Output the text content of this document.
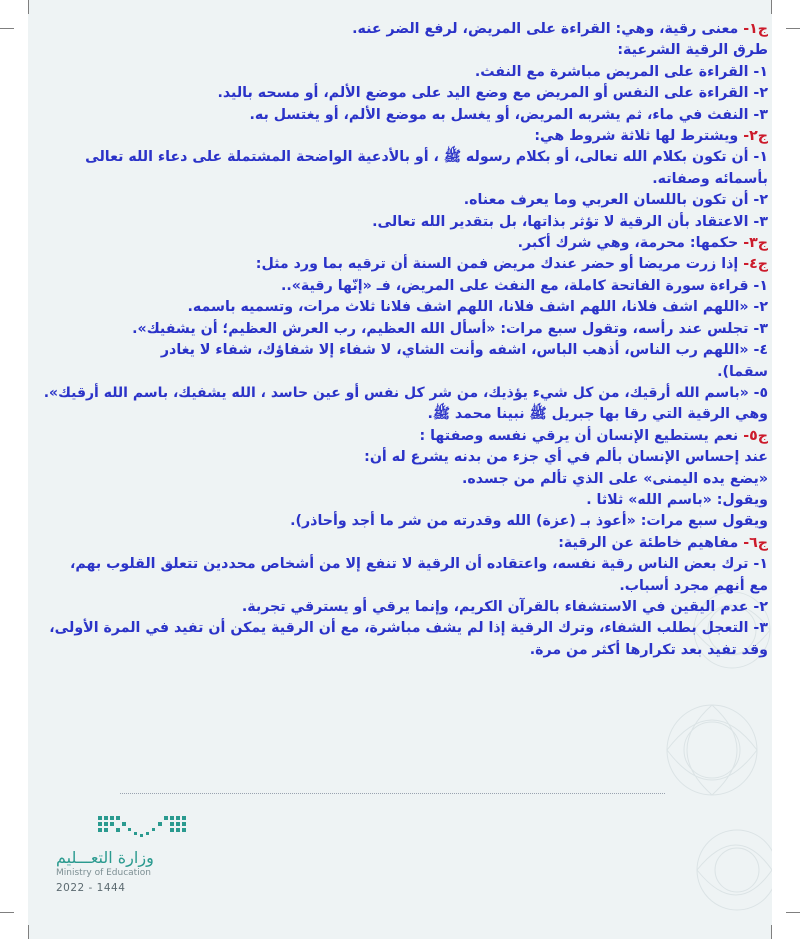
ج١- معنى رقية، وهي: القراءة على المريض، لرفع الضر عنه.
طرق الرقية الشرعية:
١- القراءة على المريض مباشرة مع النفث.
٢- القراءة على النفس أو المريض مع وضع اليد على موضع الألم، أو مسحه باليد.
٣- النفث في ماء، ثم يشربه المريض، أو يغسل به موضع الألم، أو يغتسل به.
ج٢- ويشترط لها ثلاثة شروط هي:
١- أن تكون بكلام الله تعالى، أو بكلام رسوله ﷺ ، أو بالأدعية الواضحة المشتملة على دعاء الله تعالى
بأسمائه وصفاته.
٢- أن تكون باللسان العربي وما يعرف معناه.
٣- الاعتقاد بأن الرقية لا تؤثر بذاتها، بل بتقدير الله تعالى.
ج٣- حكمها: محرمة، وهي شرك أكبر.
ج٤- إذا زرت مريضا أو حضر عندك مريض فمن السنة أن ترقيه بما ورد مثل:
١- قراءة سورة الفاتحة كاملة، مع النفث على المريض، فـ «إنّها رقية»..
٢- «اللهم اشف فلانا، اللهم اشف فلانا، اللهم اشف فلانا ثلاث مرات، وتسميه باسمه.
٣- تجلس عند رأسه، وتقول سبع مرات: «أسأل الله العظيم، رب العرش العظيم؛ أن يشفيك».
٤- «اللهم رب الناس، أذهب الباس، اشفه وأنت الشاي، لا شفاء إلا شفاؤك، شفاء لا يغادر
سقما).
٥- «باسم الله أرقيك، من كل شيء يؤذيك، من شر كل نفس أو عين حاسد ، الله يشفيك، باسم الله أرقيك».
وهي الرقية التي رقا بها جبريل ﷺ نبينا محمد ﷺ.
ج٥- نعم يستطيع الإنسان أن يرقي نفسه وصفتها :
عند إحساس الإنسان بألم في أي جزء من بدنه يشرع له أن:
«يضع يده اليمنى» على الذي تألم من جسده.
ويقول: «باسم الله» ثلاثا .
ويقول سبع مرات: «أعوذ بـ (عزة) الله وقدرته من شر ما أجد وأحاذر).
ج٦- مفاهيم خاطئة عن الرقية:
١- ترك بعض الناس رقية نفسه، واعتقاده أن الرقية لا تنفع إلا من أشخاص محددين تتعلق القلوب بهم،
مع أنهم مجرد أسباب.
٢- عدم اليقين في الاستشفاء بالقرآن الكريم، وإنما يرقي أو يسترقي تجربة.
٣- التعجل بطلب الشفاء، وترك الرقية إذا لم يشف مباشرة، مع أن الرقية يمكن أن تفيد في المرة الأولى،
وقد تفيد بعد تكرارها أكثر من مرة.
وزارة التعـــليم
Ministry of Education
2022 - 1444
